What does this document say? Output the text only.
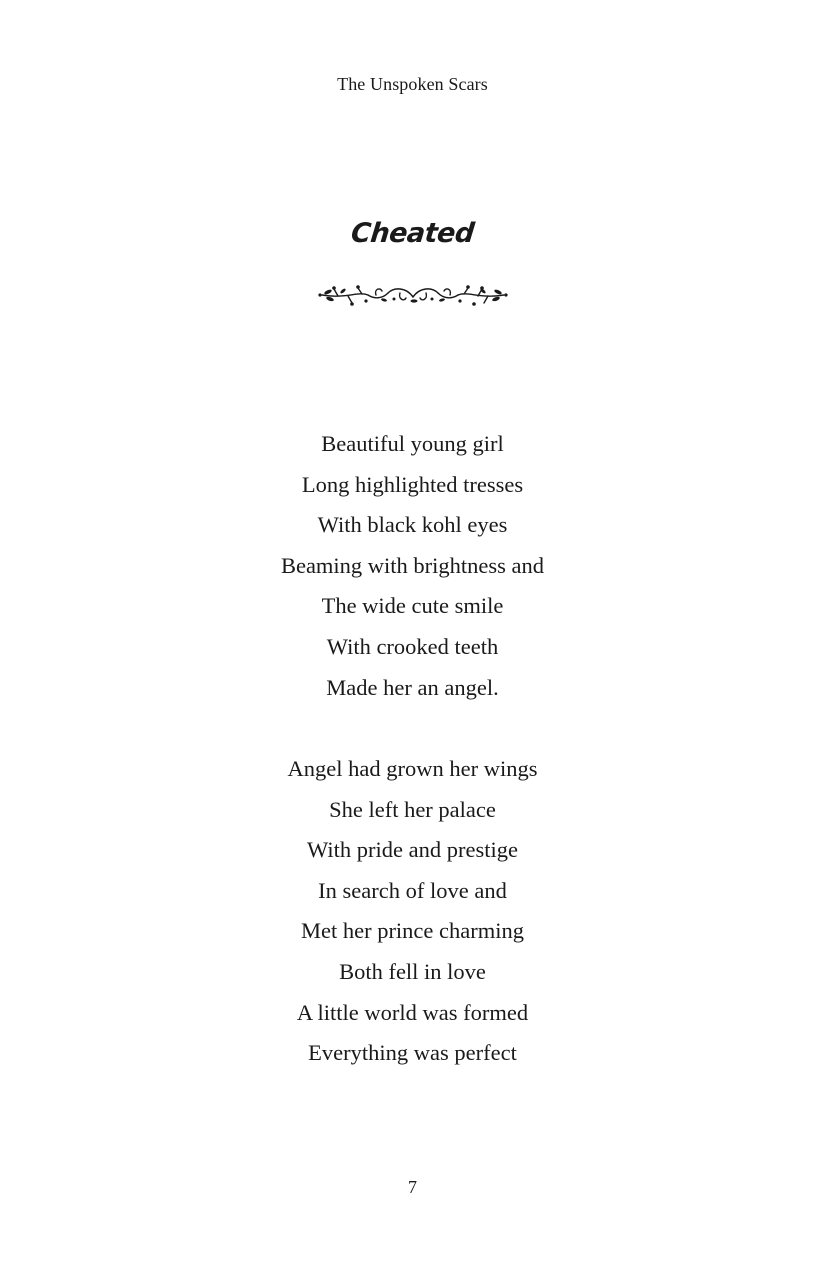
The Unspoken Scars
Cheated
Beautiful young girl
Long highlighted tresses
With black kohl eyes
Beaming with brightness and
The wide cute smile
With crooked teeth
Made her an angel.
Angel had grown her wings
She left her palace
With pride and prestige
In search of love and
Met her prince charming
Both fell in love
A little world was formed
Everything was perfect
7
